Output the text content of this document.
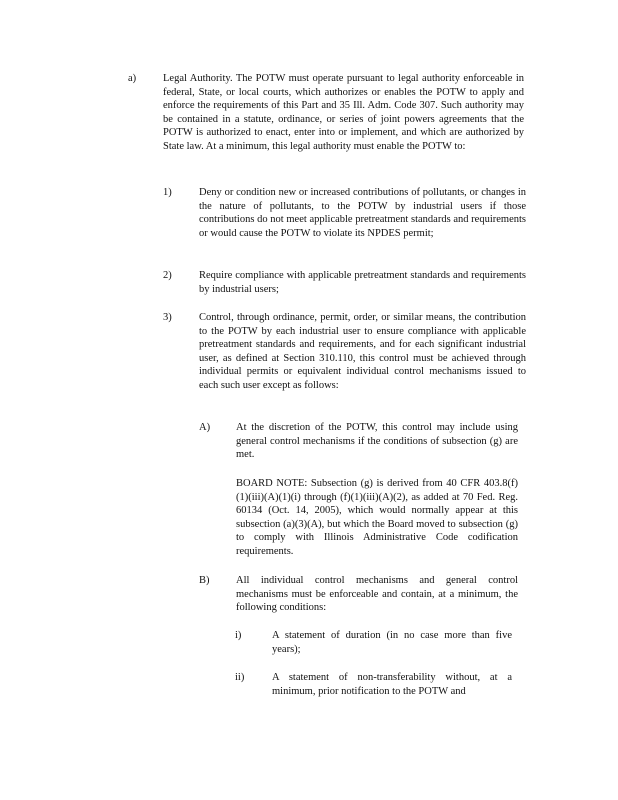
a)	Legal Authority. The POTW must operate pursuant to legal authority enforceable in federal, State, or local courts, which authorizes or enables the POTW to apply and enforce the requirements of this Part and 35 Ill. Adm. Code 307. Such authority may be contained in a statute, ordinance, or series of joint powers agreements that the POTW is authorized to enact, enter into or implement, and which are authorized by State law. At a minimum, this legal authority must enable the POTW to:
1)	Deny or condition new or increased contributions of pollutants, or changes in the nature of pollutants, to the POTW by industrial users if those contributions do not meet applicable pretreatment standards and requirements or would cause the POTW to violate its NPDES permit;
2)	Require compliance with applicable pretreatment standards and requirements by industrial users;
3)	Control, through ordinance, permit, order, or similar means, the contribution to the POTW by each industrial user to ensure compliance with applicable pretreatment standards and requirements, and for each significant industrial user, as defined at Section 310.110, this control must be achieved through individual permits or equivalent individual control mechanisms issued to each such user except as follows:
A) At the discretion of the POTW, this control may include using general control mechanisms if the conditions of subsection (g) are met.
BOARD NOTE: Subsection (g) is derived from 40 CFR 403.8(f)(1)(iii)(A)(1)(i) through (f)(1)(iii)(A)(2), as added at 70 Fed. Reg. 60134 (Oct. 14, 2005), which would normally appear at this subsection (a)(3)(A), but which the Board moved to subsection (g) to comply with Illinois Administrative Code codification requirements.
B)	All individual control mechanisms and general control mechanisms must be enforceable and contain, at a minimum, the following conditions:
i)	A statement of duration (in no case more than five years);
ii)	A statement of non-transferability without, at a minimum, prior notification to the POTW and
